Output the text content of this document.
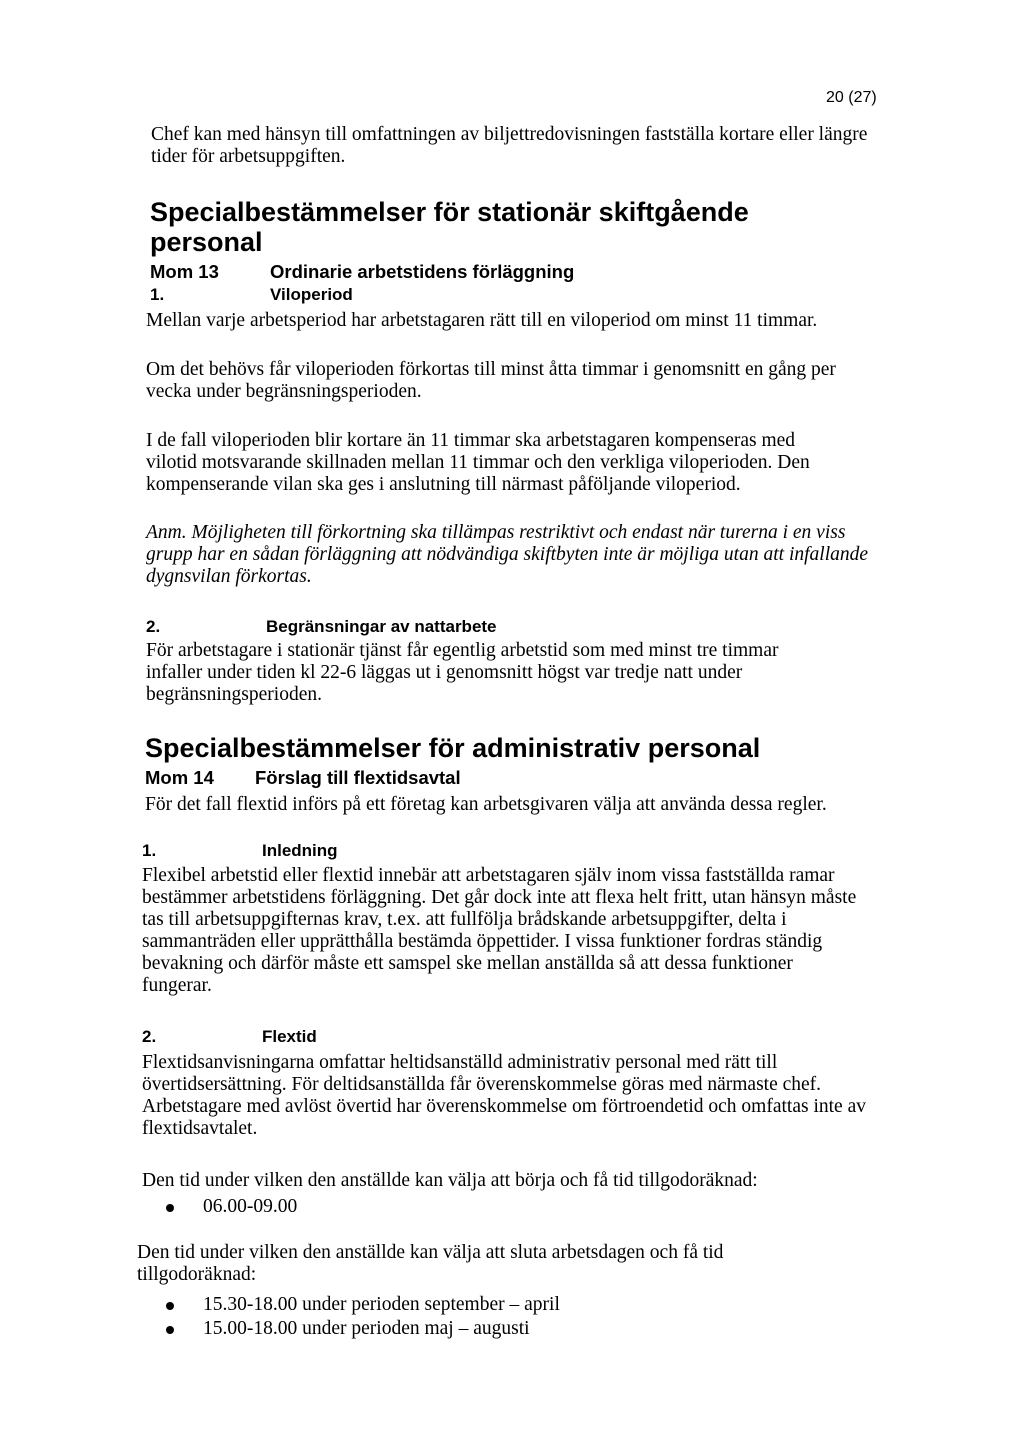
20 (27)

Chef kan med hänsyn till omfattningen av biljettredovisningen fastställa kortare eller längre tider för arbetsuppgiften.

Specialbestämmelser för stationär skiftgående personal
Mom 13	Ordinarie arbetstidens förläggning
1.	Viloperiod

Mellan varje arbetsperiod har arbetstagaren rätt till en viloperiod om minst 11 timmar.

Om det behövs får viloperioden förkortas till minst åtta timmar i genomsnitt en gång per vecka under begränsningsperioden.

I de fall viloperioden blir kortare än 11 timmar ska arbetstagaren kompenseras med vilotid motsvarande skillnaden mellan 11 timmar och den verkliga viloperioden. Den kompenserande vilan ska ges i anslutning till närmast påföljande viloperiod.

Anm. Möjligheten till förkortning ska tillämpas restriktivt och endast när turerna i en viss grupp har en sådan förläggning att nödvändiga skiftbyten inte är möjliga utan att infallande dygnsvilan förkortas.

2.	Begränsningar av nattarbete

För arbetstagare i stationär tjänst får egentlig arbetstid som med minst tre timmar infaller under tiden kl 22-6 läggas ut i genomsnitt högst var tredje natt under begränsningsperioden.

Specialbestämmelser för administrativ personal
Mom 14 Förslag till flextidsavtal

För det fall flextid införs på ett företag kan arbetsgivaren välja att använda dessa regler.

1.	Inledning

Flexibel arbetstid eller flextid innebär att arbetstagaren själv inom vissa fastställda ramar bestämmer arbetstidens förläggning. Det går dock inte att flexa helt fritt, utan hänsyn måste tas till arbetsuppgifternas krav, t.ex. att fullfölja brådskande arbetsuppgifter, delta i sammanträden eller upprätthålla bestämda öppettider. I vissa funktioner fordras ständig bevakning och därför måste ett samspel ske mellan anställda så att dessa funktioner fungerar.

2.	Flextid

Flextidsanvisningarna omfattar heltidsanställd administrativ personal med rätt till övertidsersättning. För deltidsanställda får överenskommelse göras med närmaste chef. Arbetstagare med avlöst övertid har överenskommelse om förtroendetid och omfattas inte av flextidsavtalet.

Den tid under vilken den anställde kan välja att börja och få tid tillgodoräknad:

06.00-09.00

Den tid under vilken den anställde kan välja att sluta arbetsdagen och få tid tillgodoräknad:

15.30-18.00 under perioden september – april
15.00-18.00 under perioden maj – augusti
